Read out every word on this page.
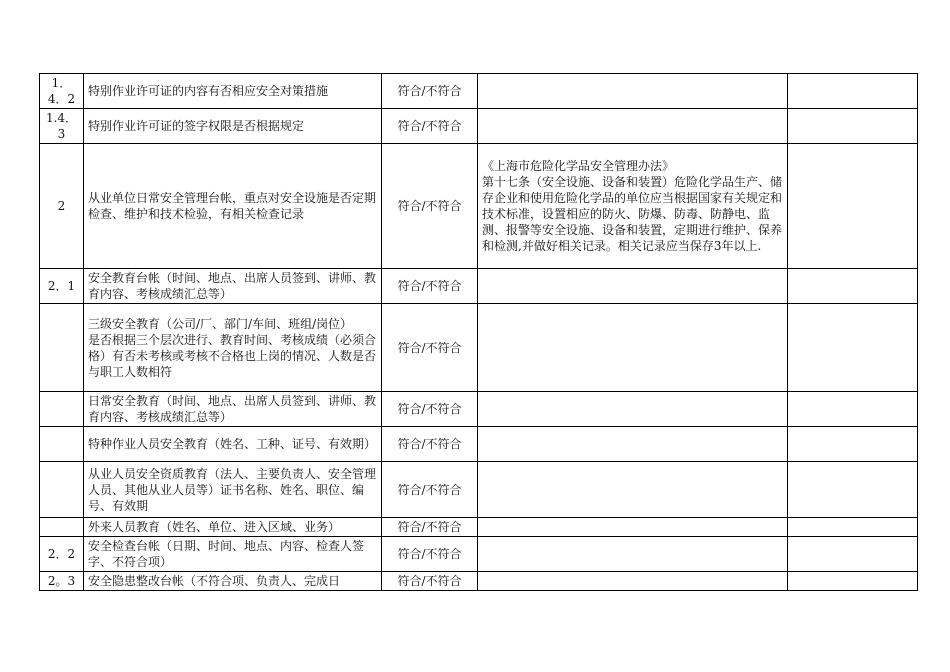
1．4．2	特别作业许可证的内容有否相应安全对策措施	符合/不符合		
1.4．3	特别作业许可证的签字权限是否根据规定	符合/不符合		
2	从业单位日常安全管理台帐，重点对安全设施是否定期检查、维护和技术检验，有相关检查记录	符合/不符合	《上海市危险化学品安全管理办法》
第十七条（安全设施、设备和装置）危险化学品生产、储存企业和使用危险化学品的单位应当根据国家有关规定和技术标准，设置相应的防火、防爆、防毒、防静电、监测、报警等安全设施、设备和装置，定期进行维护、保养和检测,并做好相关记录。相关记录应当保存3年以上.	
2．1	安全教育台帐（时间、地点、出席人员签到、讲师、教育内容、考核成绩汇总等）	符合/不符合		
	三级安全教育（公司/厂、部门/车间、班组/岗位）
是否根据三个层次进行、教育时间、考核成绩（必须合格）有否未考核或考核不合格也上岗的情况、人数是否与职工人数相符	符合/不符合		
	日常安全教育（时间、地点、出席人员签到、讲师、教育内容、考核成绩汇总等）	符合/不符合		
	特种作业人员安全教育（姓名、工种、证号、有效期）	符合/不符合		
	从业人员安全资质教育（法人、主要负责人、安全管理人员、其他从业人员等）证书名称、姓名、职位、编号、有效期	符合/不符合		
	外来人员教育（姓名、单位、进入区域、业务）	符合/不符合		
2．2	安全检查台帐（日期、时间、地点、内容、检查人签字、不符合项）	符合/不符合		
2。3	安全隐患整改台帐（不符合项、负责人、完成日	符合/不符合		
